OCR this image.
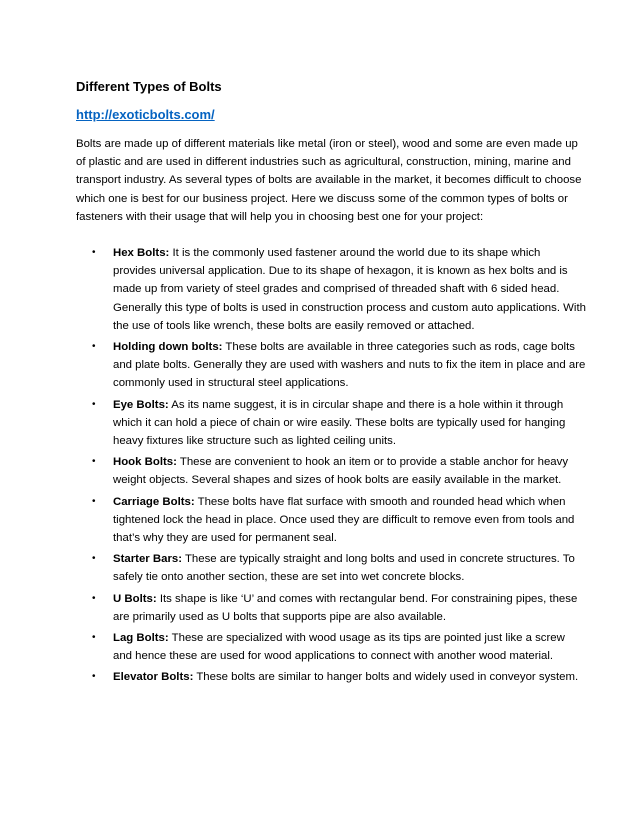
Different Types of Bolts
http://exoticbolts.com/

Bolts are made up of different materials like metal (iron or steel), wood and some are even made up of plastic and are used in different industries such as agricultural, construction, mining, marine and transport industry. As several types of bolts are available in the market, it becomes difficult to choose which one is best for our business project. Here we discuss some of the common types of bolts or fasteners with their usage that will help you in choosing best one for your project:

• Hex Bolts: It is the commonly used fastener around the world due to its shape which provides universal application. Due to its shape of hexagon, it is known as hex bolts and is made up from variety of steel grades and comprised of threaded shaft with 6 sided head. Generally this type of bolts is used in construction process and custom auto applications. With the use of tools like wrench, these bolts are easily removed or attached.
• Holding down bolts: These bolts are available in three categories such as rods, cage bolts and plate bolts. Generally they are used with washers and nuts to fix the item in place and are commonly used in structural steel applications.
• Eye Bolts: As its name suggest, it is in circular shape and there is a hole within it through which it can hold a piece of chain or wire easily. These bolts are typically used for hanging heavy fixtures like structure such as lighted ceiling units.
• Hook Bolts: These are convenient to hook an item or to provide a stable anchor for heavy weight objects. Several shapes and sizes of hook bolts are easily available in the market.
• Carriage Bolts: These bolts have flat surface with smooth and rounded head which when tightened lock the head in place. Once used they are difficult to remove even from tools and that’s why they are used for permanent seal.
• Starter Bars: These are typically straight and long bolts and used in concrete structures. To safely tie onto another section, these are set into wet concrete blocks.
• U Bolts: Its shape is like ‘U’ and comes with rectangular bend. For constraining pipes, these are primarily used as U bolts that supports pipe are also available.
• Lag Bolts: These are specialized with wood usage as its tips are pointed just like a screw and hence these are used for wood applications to connect with another wood material.
• Elevator Bolts: These bolts are similar to hanger bolts and widely used in conveyor system.
